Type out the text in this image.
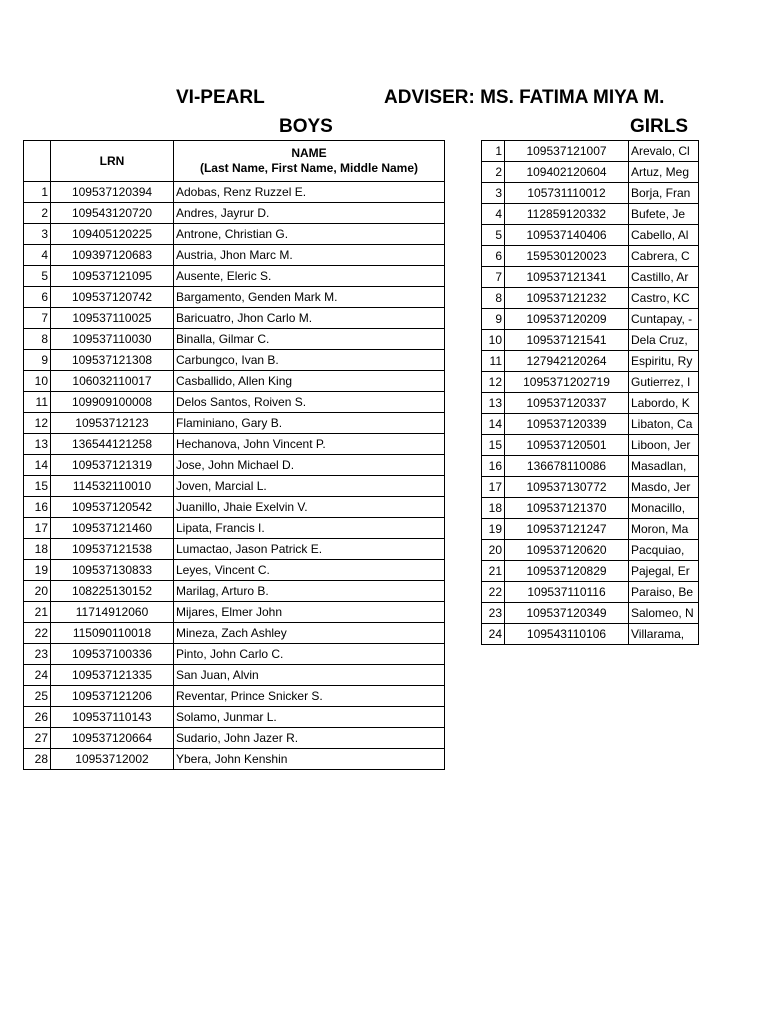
VI-PEARL	ADVISER: MS. FATIMA MIYA M.
BOYS	GIRLS
	LRN	NAME
(Last Name, First Name, Middle Name)

1	109537120394	Adobas, Renz Ruzzel E.
2	109543120720	Andres, Jayrur D.
3	109405120225	Antrone, Christian G.
4	109397120683	Austria, Jhon Marc M.
5	109537121095	Ausente, Eleric S.
6	109537120742	Bargamento, Genden Mark M.
7	109537110025	Baricuatro, Jhon Carlo M.
8	109537110030	Binalla, Gilmar C.
9	109537121308	Carbungco, Ivan B.
10	106032110017	Casballido, Allen King
11	109909100008	Delos Santos, Roiven S.
12	10953712123	Flaminiano, Gary B.
13	136544121258	Hechanova, John Vincent P.
14	109537121319	Jose, John Michael D.
15	114532110010	Joven, Marcial L.
16	109537120542	Juanillo, Jhaie Exelvin V.
17	109537121460	Lipata, Francis I.
18	109537121538	Lumactao, Jason Patrick E.
19	109537130833	Leyes, Vincent C.
20	108225130152	Marilag, Arturo B.
21	11714912060	Mijares, Elmer John
22	115090110018	Mineza, Zach Ashley
23	109537100336	Pinto, John Carlo C.
24	109537121335	San Juan, Alvin
25	109537121206	Reventar, Prince Snicker S.
26	109537110143	Solamo, Junmar L.
27	109537120664	Sudario, John Jazer R.
28	10953712002	Ybera, John Kenshin
1	109537121007	Arevalo, Cl
2	109402120604	Artuz, Meg
3	105731110012	Borja, Fran
4	112859120332	Bufete, Je
5	109537140406	Cabello, Al
6	159530120023	Cabrera, C
7	109537121341	Castillo, Ar
8	109537121232	Castro, KC
9	109537120209	Cuntapay, -
10	109537121541	Dela Cruz,
11	127942120264	Espiritu, Ry
12	1095371202719	Gutierrez, I
13	109537120337	Labordo, K
14	109537120339	Libaton, Ca
15	109537120501	Liboon, Jer
16	136678110086	Masadlan,
17	109537130772	Masdo, Jer
18	109537121370	Monacillo,
19	109537121247	Moron, Ma
20	109537120620	Pacquiao,
21	109537120829	Pajegal, Er
22	109537110116	Paraiso, Be
23	109537120349	Salomeo, N
24	109543110106	Villarama,
